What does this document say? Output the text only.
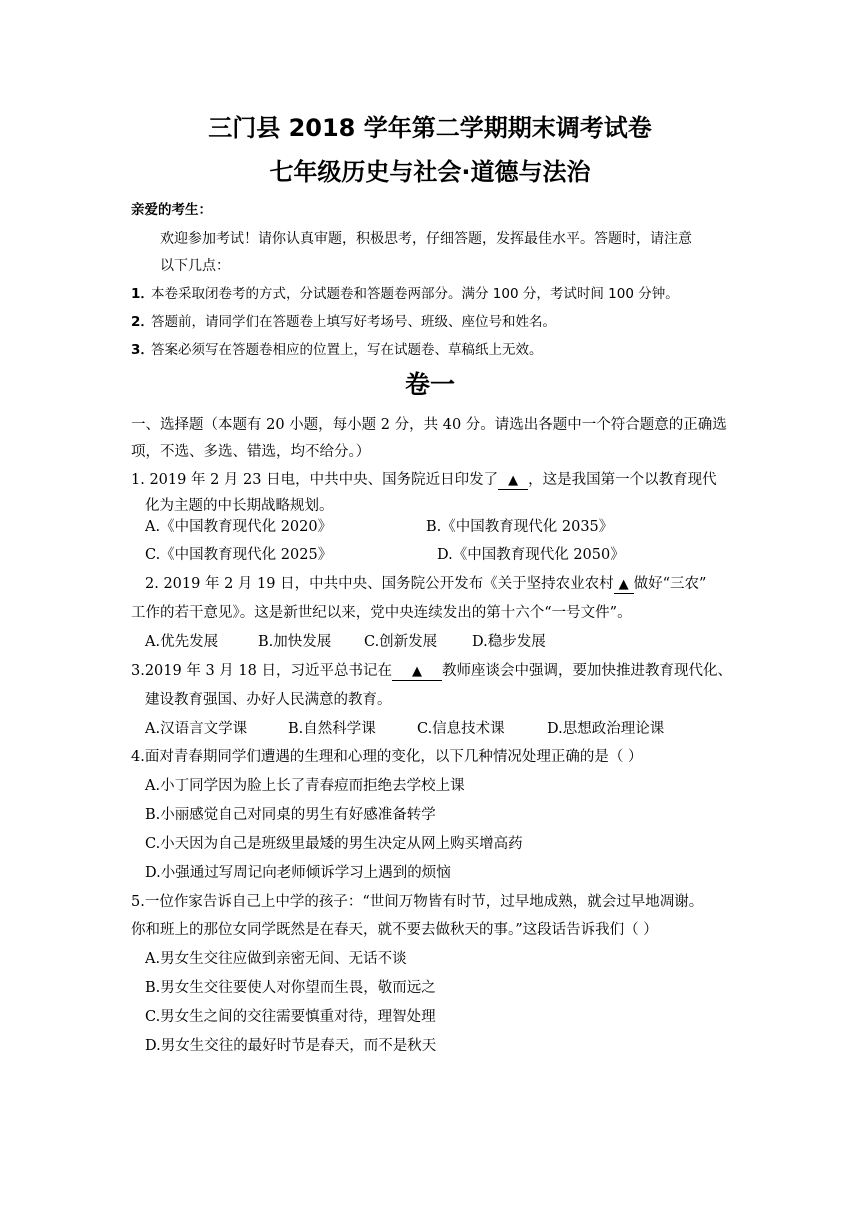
三门县 2018 学年第二学期期末调考试卷
七年级历史与社会·道德与法治
亲爱的考生：
欢迎参加考试！请你认真审题，积极思考，仔细答题，发挥最佳水平。答题时，请注意
以下几点：
1．本卷采取闭卷考的方式，分试题卷和答题卷两部分。满分 100 分，考试时间 100 分钟。
2．答题前，请同学们在答题卷上填写好考场号、班级、座位号和姓名。
3．答案必须写在答题卷相应的位置上，写在试题卷、草稿纸上无效。
卷一
一、选择题（本题有 20 小题，每小题 2 分，共 40 分。请选出各题中一个符合题意的正确选
项，不选、多选、错选，均不给分。）
1. 2019 年 2 月 23 日电，中共中央、国务院近日印发了 ▲ ，这是我国第一个以教育现代
化为主题的中长期战略规划。
A.《中国教育现代化 2020》	B.《中国教育现代化 2035》
C.《中国教育现代化 2025》	D.《中国教育现代化 2050》
2. 2019 年 2 月 19 日，中共中央、国务院公开发布《关于坚持农业农村 ▲ 做好“三农”
工作的若干意见》。这是新世纪以来，党中央连续发出的第十六个“一号文件”。
A.优先发展	B.加快发展 C.创新发展 D.稳步发展
3.2019 年 3 月 18 日，习近平总书记在 ▲ 教师座谈会中强调，要加快推进教育现代化、
建设教育强国、办好人民满意的教育。
A.汉语言文学课	B.自然科学课	C.信息技术课	D.思想政治理论课
4.面对青春期同学们遭遇的生理和心理的变化，以下几种情况处理正确的是（ ）
A.小丁同学因为脸上长了青春痘而拒绝去学校上课
B.小丽感觉自己对同桌的男生有好感准备转学
C.小天因为自己是班级里最矮的男生决定从网上购买增高药
D.小强通过写周记向老师倾诉学习上遇到的烦恼
5.一位作家告诉自己上中学的孩子：“世间万物皆有时节，过早地成熟，就会过早地凋谢。
你和班上的那位女同学既然是在春天，就不要去做秋天的事。”这段话告诉我们（ ）
A.男女生交往应做到亲密无间、无话不谈
B.男女生交往要使人对你望而生畏，敬而远之
C.男女生之间的交往需要慎重对待，理智处理
D.男女生交往的最好时节是春天，而不是秋天
